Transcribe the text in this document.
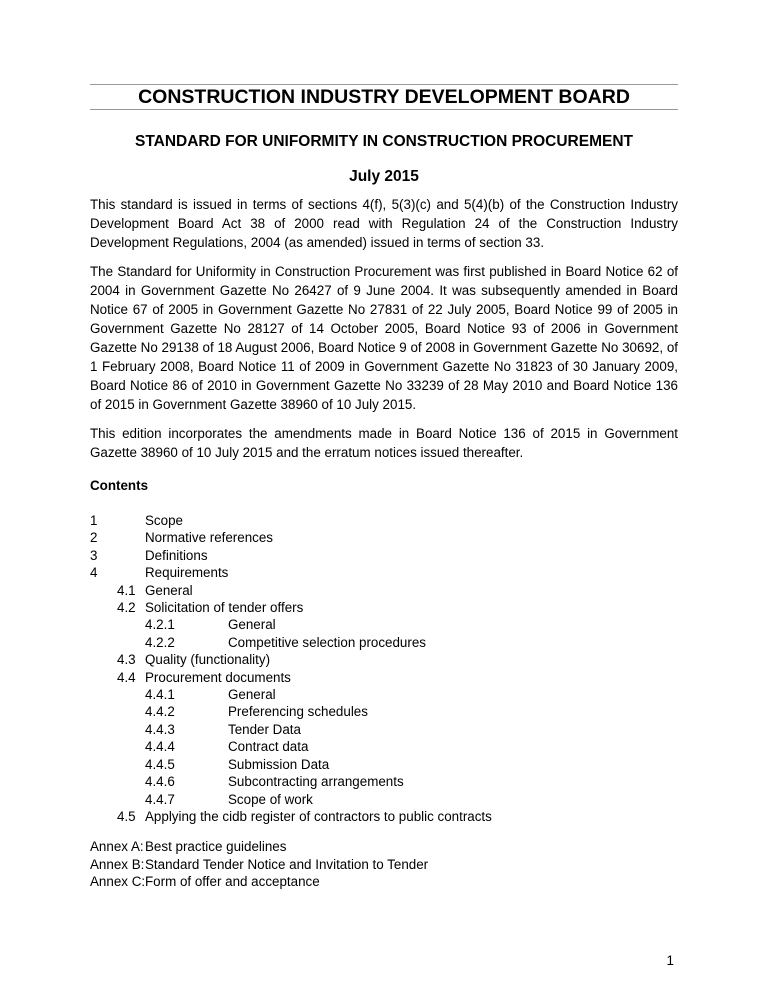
CONSTRUCTION INDUSTRY DEVELOPMENT BOARD
STANDARD FOR UNIFORMITY IN CONSTRUCTION PROCUREMENT
July 2015
This standard is issued in terms of sections 4(f), 5(3)(c) and 5(4)(b) of the Construction Industry Development Board Act 38 of 2000 read with Regulation 24 of the Construction Industry Development Regulations, 2004 (as amended) issued in terms of section 33.
The Standard for Uniformity in Construction Procurement was first published in Board Notice 62 of 2004 in Government Gazette No 26427 of 9 June 2004. It was subsequently amended in Board Notice 67 of 2005 in Government Gazette No 27831 of 22 July 2005, Board Notice 99 of 2005 in Government Gazette No 28127 of 14 October 2005, Board Notice 93 of 2006 in Government Gazette No 29138 of 18 August 2006, Board Notice 9 of 2008 in Government Gazette No 30692, of 1 February 2008, Board Notice 11 of 2009 in Government Gazette No 31823 of 30 January 2009, Board Notice 86 of 2010 in Government Gazette No 33239 of 28 May 2010 and Board Notice 136 of 2015 in Government Gazette 38960 of 10 July 2015.
This edition incorporates the amendments made in Board Notice 136 of 2015 in Government Gazette 38960 of 10 July 2015 and the erratum notices issued thereafter.
Contents
1	Scope
2	Normative references
3	Definitions
4	Requirements
4.1 General
4.2 Solicitation of tender offers
4.2.1	General
4.2.2	Competitive selection procedures
4.3 Quality (functionality)
4.4 Procurement documents
4.4.1	General
4.4.2	Preferencing schedules
4.4.3	Tender Data
4.4.4	Contract data
4.4.5	Submission Data
4.4.6	Subcontracting arrangements
4.4.7	Scope of work
4.5 Applying the cidb register of contractors to public contracts
Annex A: Best practice guidelines
Annex B: Standard Tender Notice and Invitation to Tender
Annex C: Form of offer and acceptance
1
